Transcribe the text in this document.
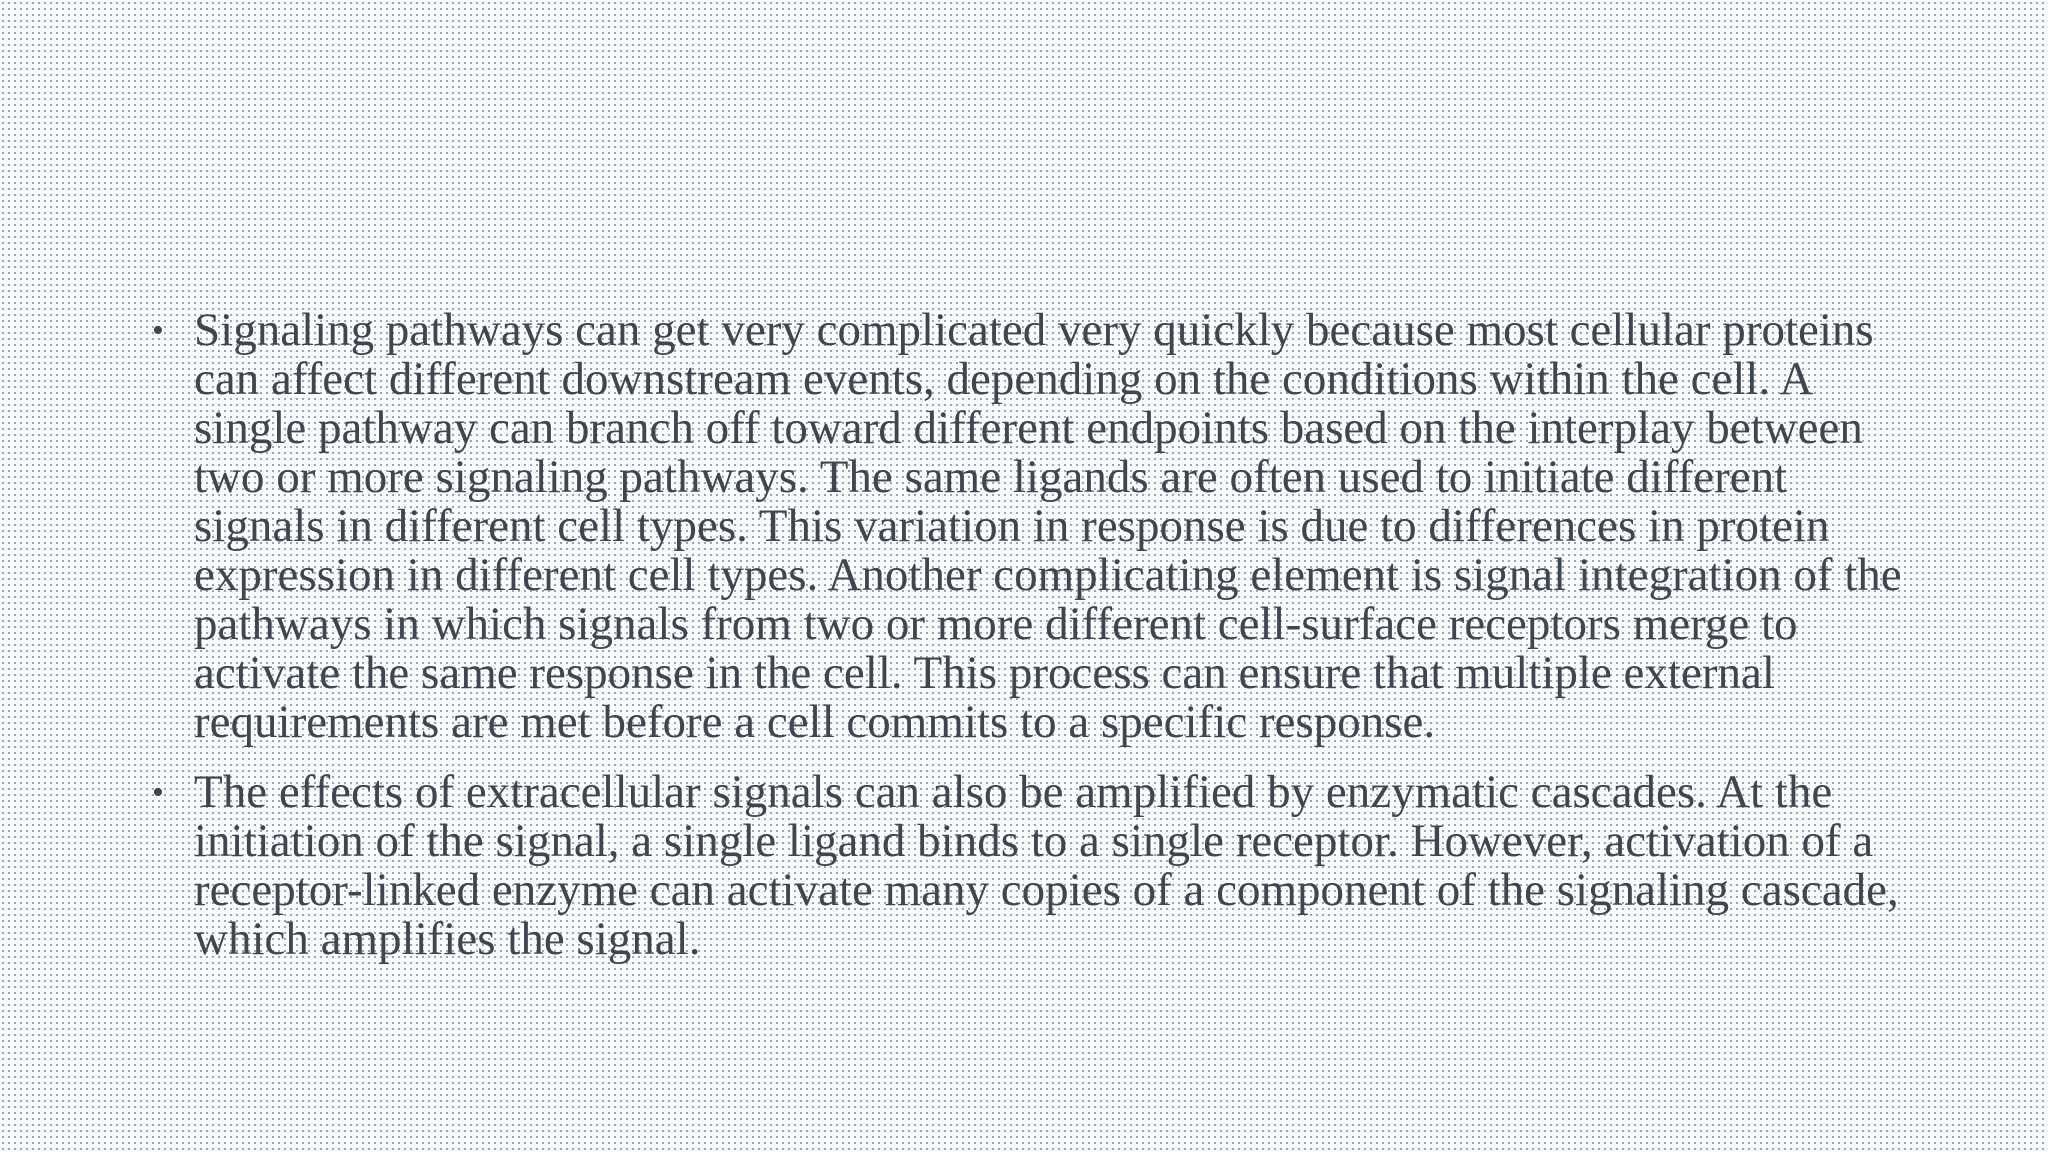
• Signaling pathways can get very complicated very quickly because most cellular proteins can affect different downstream events, depending on the conditions within the cell. A single pathway can branch off toward different endpoints based on the interplay between two or more signaling pathways. The same ligands are often used to initiate different signals in different cell types. This variation in response is due to differences in protein expression in different cell types. Another complicating element is signal integration of the pathways in which signals from two or more different cell-surface receptors merge to activate the same response in the cell. This process can ensure that multiple external requirements are met before a cell commits to a specific response.
• The effects of extracellular signals can also be amplified by enzymatic cascades. At the initiation of the signal, a single ligand binds to a single receptor. However, activation of a receptor-linked enzyme can activate many copies of a component of the signaling cascade, which amplifies the signal.
